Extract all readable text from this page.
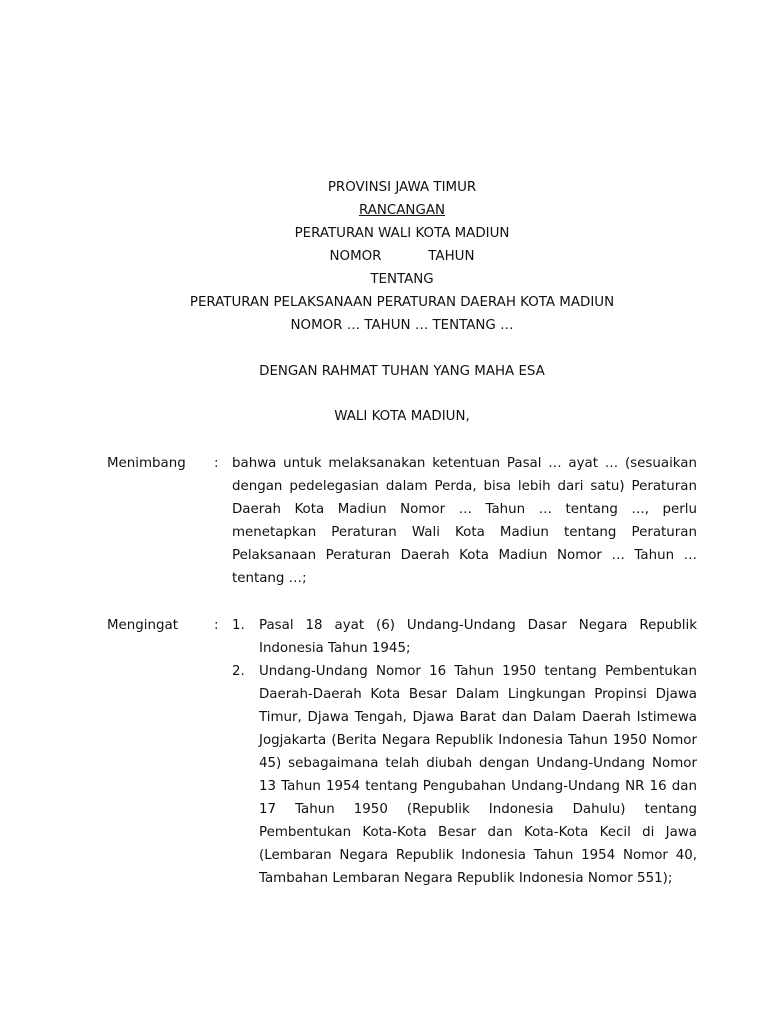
PROVINSI JAWA TIMUR
RANCANGAN
PERATURAN WALI KOTA MADIUN
NOMOR           TAHUN
TENTANG
PERATURAN PELAKSANAAN PERATURAN DAERAH KOTA MADIUN
NOMOR … TAHUN … TENTANG …
DENGAN RAHMAT TUHAN YANG MAHA ESA
WALI KOTA MADIUN,
Menimbang : bahwa untuk melaksanakan ketentuan Pasal … ayat … (sesuaikan dengan pedelegasian dalam Perda, bisa lebih dari satu) Peraturan Daerah Kota Madiun Nomor … Tahun … tentang …, perlu menetapkan Peraturan Wali Kota Madiun tentang Peraturan Pelaksanaan Peraturan Daerah Kota Madiun Nomor … Tahun … tentang …;
Mengingat	: 1. Pasal 18 ayat (6) Undang-Undang Dasar Negara Republik Indonesia Tahun 1945;
2. Undang-Undang Nomor 16 Tahun 1950 tentang Pembentukan Daerah-Daerah Kota Besar Dalam Lingkungan Propinsi Djawa Timur, Djawa Tengah, Djawa Barat dan Dalam Daerah Istimewa Jogjakarta (Berita Negara Republik Indonesia Tahun 1950 Nomor 45) sebagaimana telah diubah dengan Undang-Undang Nomor 13 Tahun 1954 tentang Pengubahan Undang-Undang NR 16 dan 17 Tahun 1950 (Republik Indonesia Dahulu) tentang Pembentukan Kota-Kota Besar dan Kota-Kota Kecil di Jawa (Lembaran Negara Republik Indonesia Tahun 1954 Nomor 40, Tambahan Lembaran Negara Republik Indonesia Nomor 551);
